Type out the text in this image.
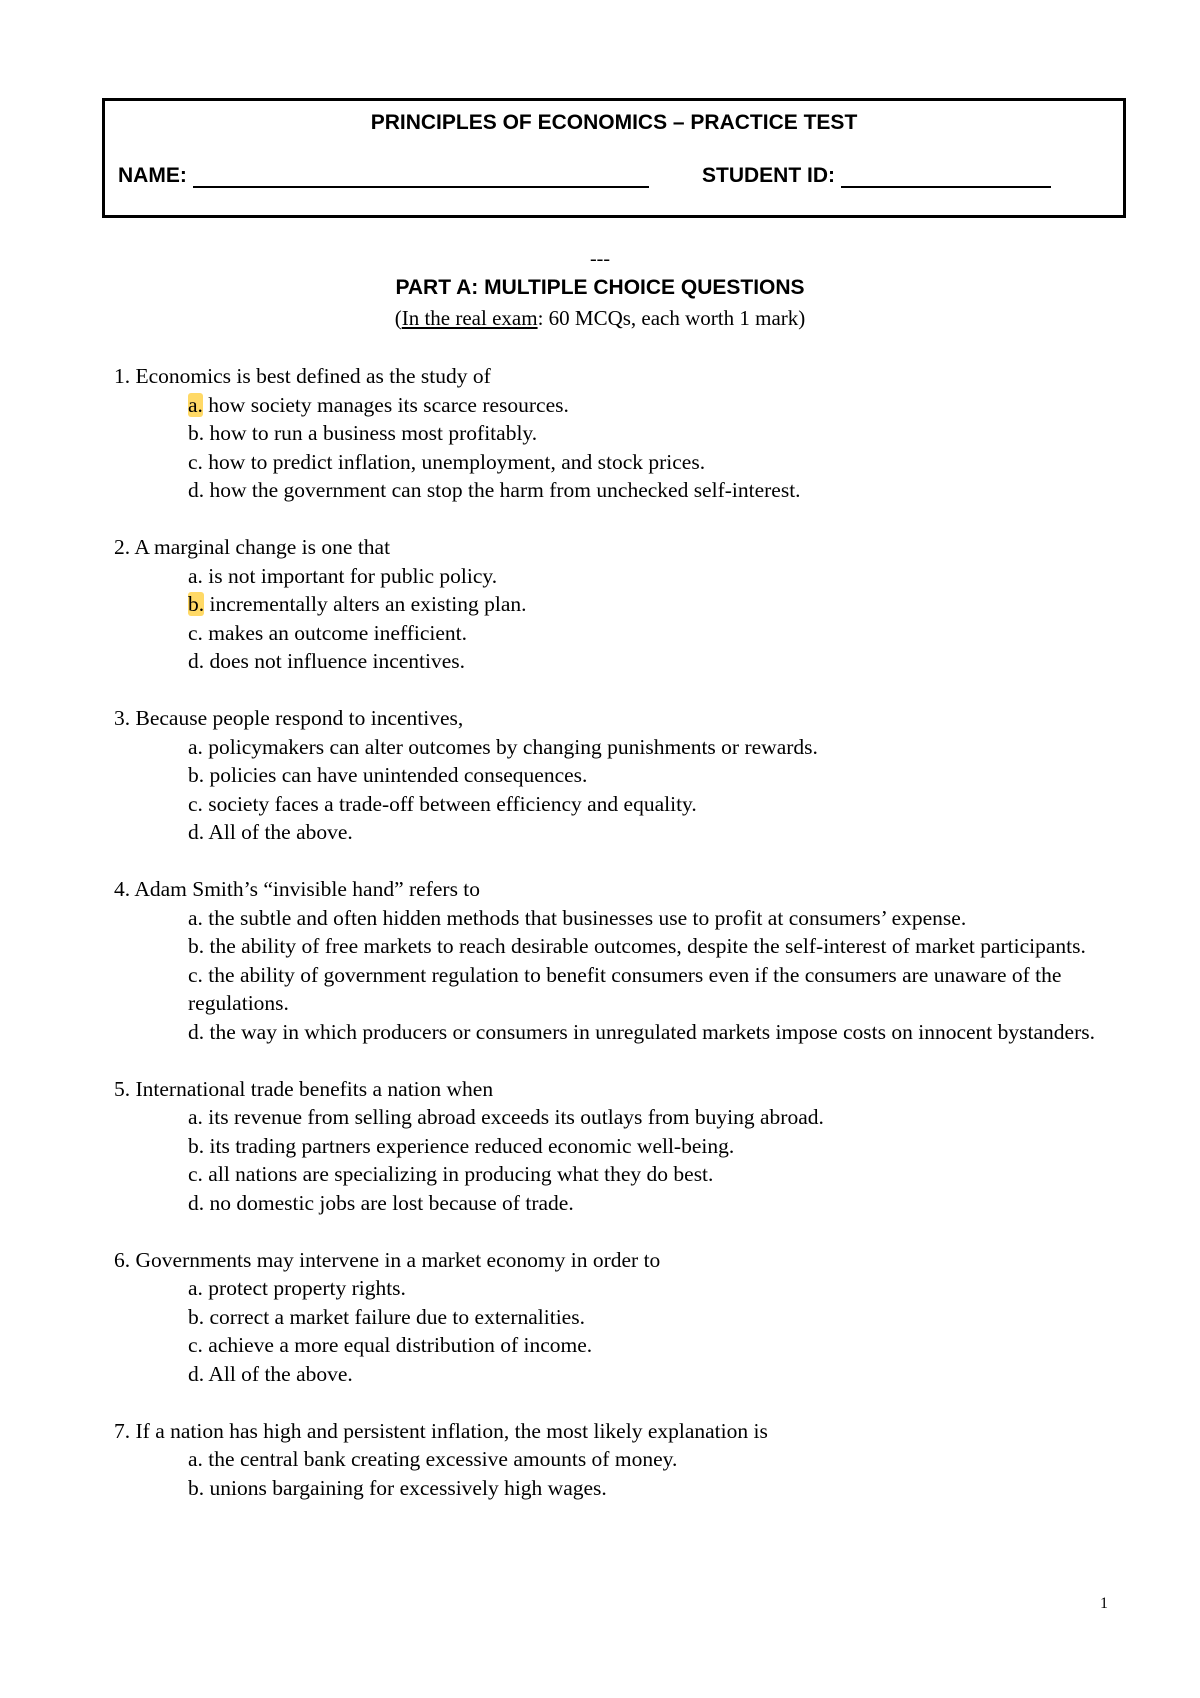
PRINCIPLES OF ECONOMICS – PRACTICE TEST
NAME:	STUDENT ID:
---
PART A: MULTIPLE CHOICE QUESTIONS
(In the real exam: 60 MCQs, each worth 1 mark)
1. Economics is best defined as the study of
a. how society manages its scarce resources.
b. how to run a business most profitably.
c. how to predict inflation, unemployment, and stock prices.
d. how the government can stop the harm from unchecked self-interest.
2. A marginal change is one that
a. is not important for public policy.
b. incrementally alters an existing plan.
c. makes an outcome inefficient.
d. does not influence incentives.
3. Because people respond to incentives,
a. policymakers can alter outcomes by changing punishments or rewards.
b. policies can have unintended consequences.
c. society faces a trade-off between efficiency and equality.
d. All of the above.
4. Adam Smith’s “invisible hand” refers to
a. the subtle and often hidden methods that businesses use to profit at consumers’ expense.
b. the ability of free markets to reach desirable outcomes, despite the self-interest of market participants.
c. the ability of government regulation to benefit consumers even if the consumers are unaware of the regulations.
d. the way in which producers or consumers in unregulated markets impose costs on innocent bystanders.
5. International trade benefits a nation when
a. its revenue from selling abroad exceeds its outlays from buying abroad.
b. its trading partners experience reduced economic well-being.
c. all nations are specializing in producing what they do best.
d. no domestic jobs are lost because of trade.
6. Governments may intervene in a market economy in order to
a. protect property rights.
b. correct a market failure due to externalities.
c. achieve a more equal distribution of income.
d. All of the above.
7. If a nation has high and persistent inflation, the most likely explanation is
a. the central bank creating excessive amounts of money.
b. unions bargaining for excessively high wages.
1
